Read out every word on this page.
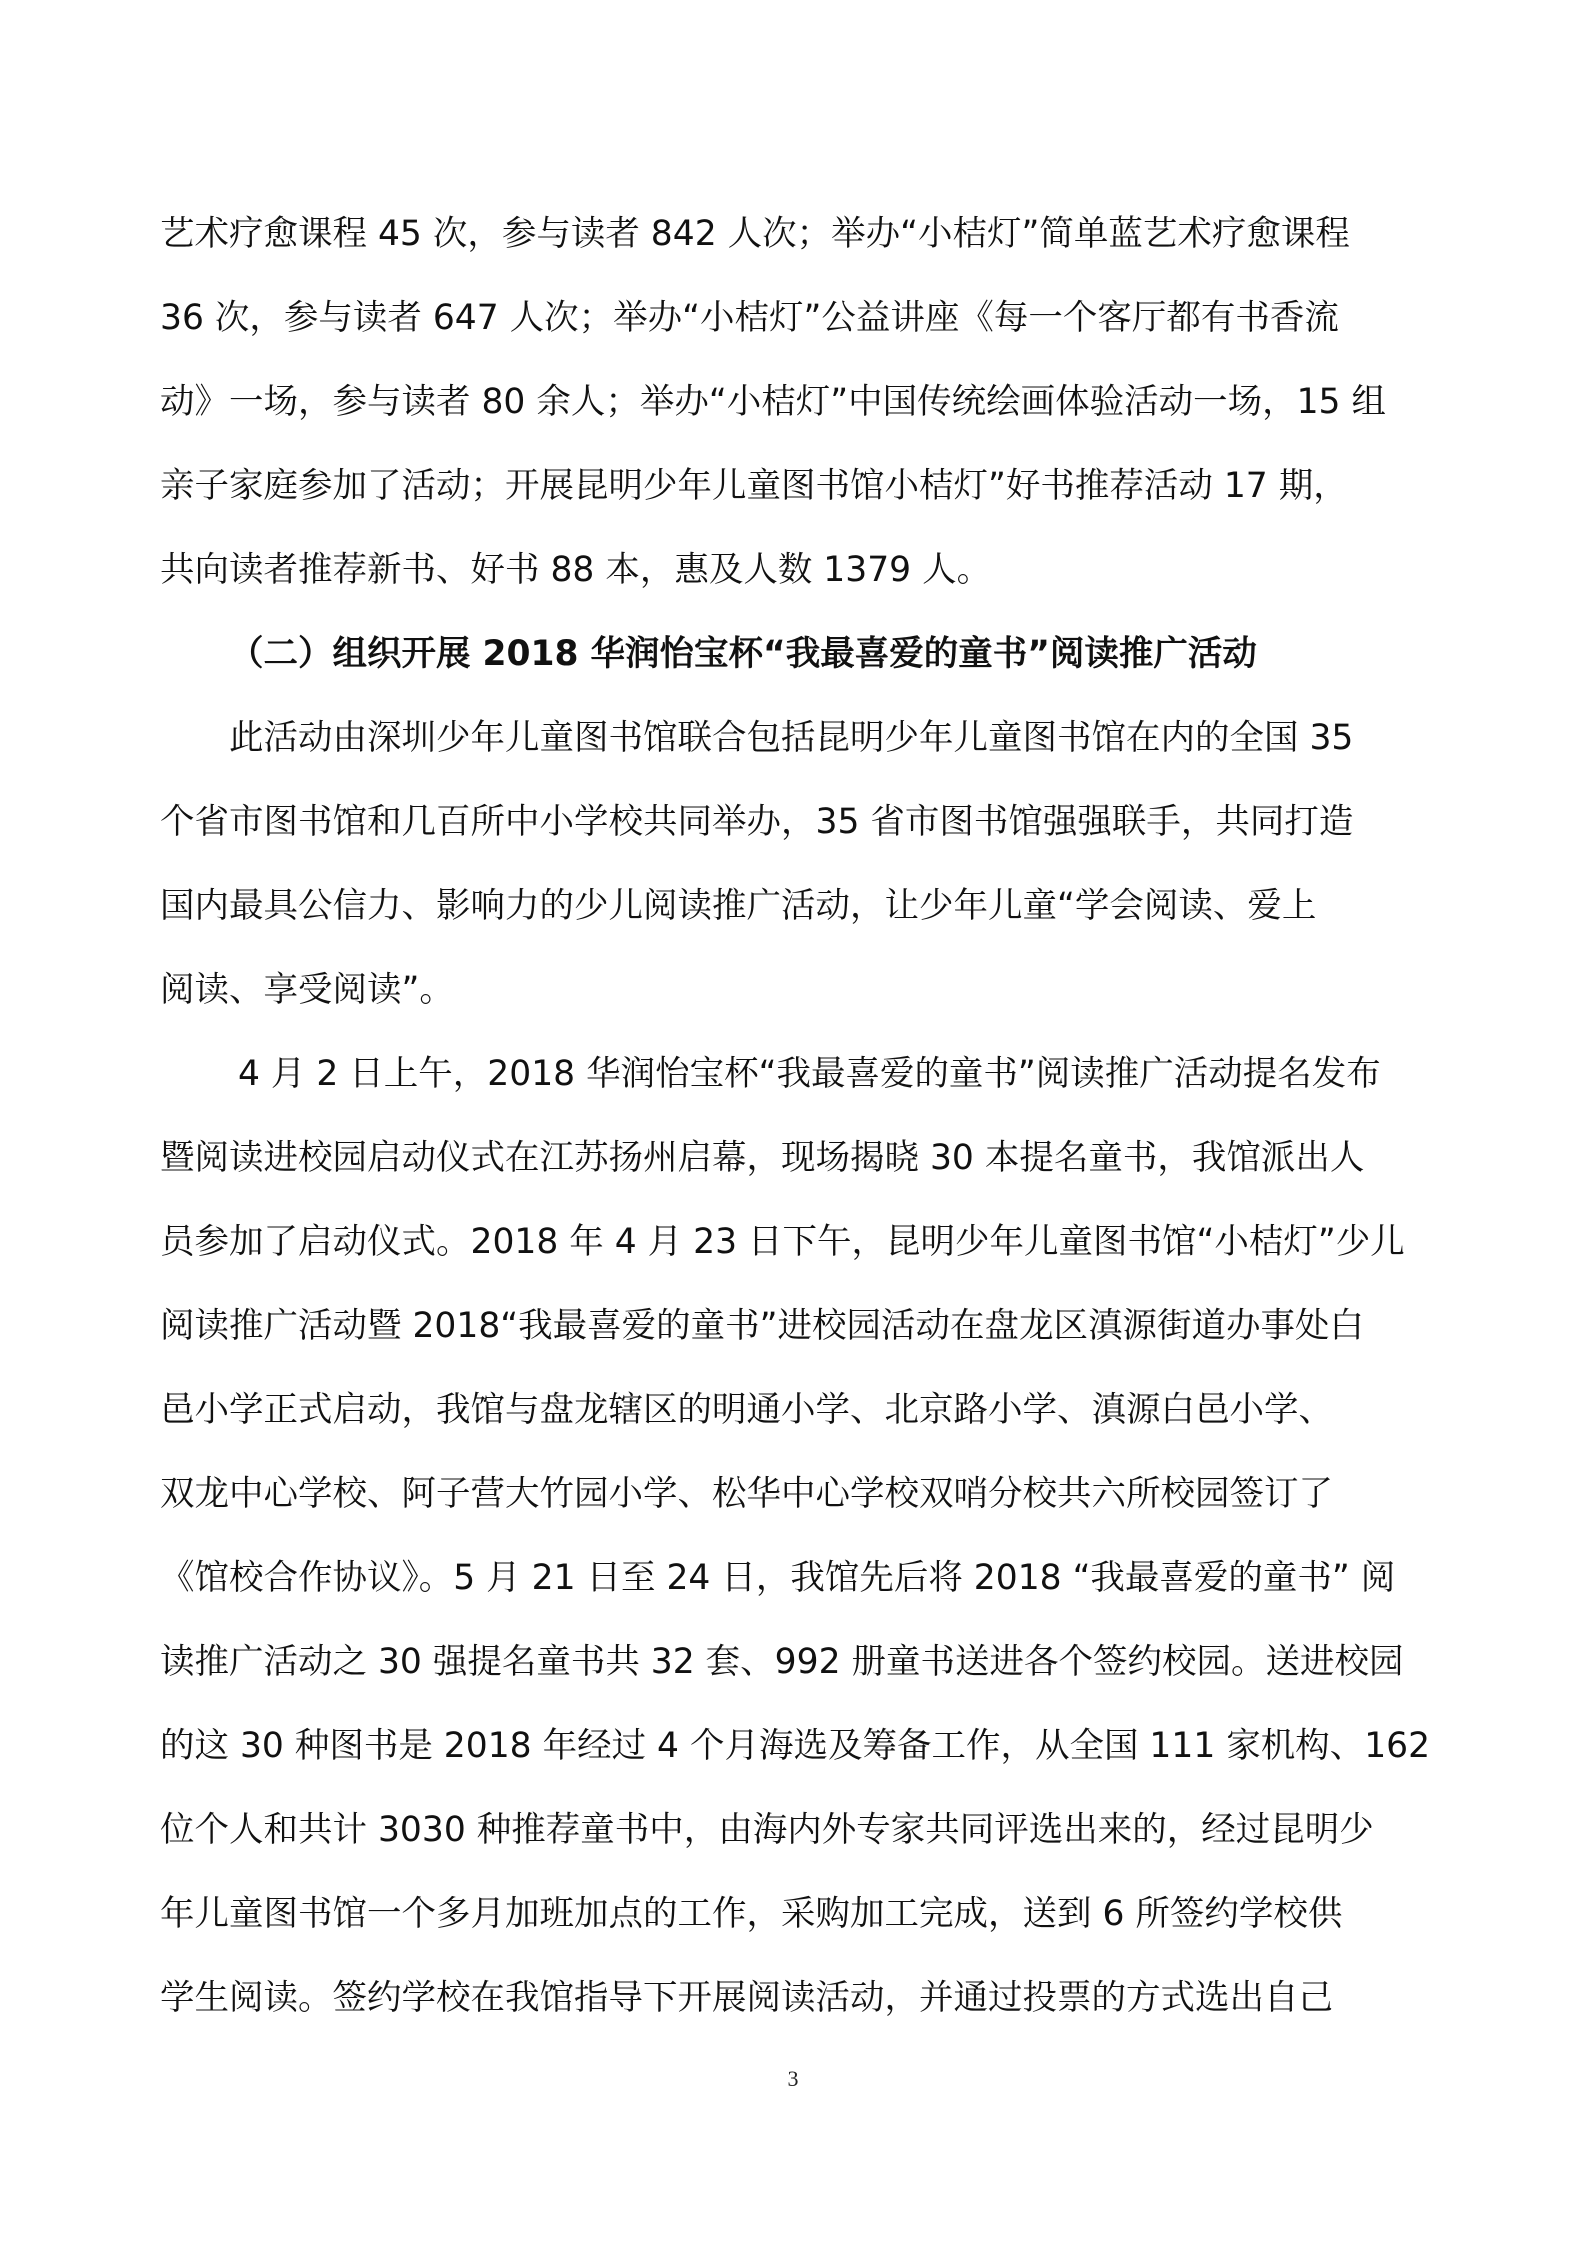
艺术疗愈课程 45 次，参与读者 842 人次；举办“小桔灯”简单蓝艺术疗愈课程
36 次，参与读者 647 人次；举办“小桔灯”公益讲座《每一个客厅都有书香流
动》一场，参与读者 80 余人；举办“小桔灯”中国传统绘画体验活动一场，15 组
亲子家庭参加了活动；开展昆明少年儿童图书馆小桔灯”好书推荐活动 17 期，
共向读者推荐新书、好书 88 本，惠及人数 1379 人。
（二）组织开展 2018 华润怡宝杯“我最喜爱的童书”阅读推广活动
此活动由深圳少年儿童图书馆联合包括昆明少年儿童图书馆在内的全国 35
个省市图书馆和几百所中小学校共同举办，35 省市图书馆强强联手，共同打造
国内最具公信力、影响力的少儿阅读推广活动，让少年儿童“学会阅读、爱上
阅读、享受阅读”。
4 月 2 日上午，2018 华润怡宝杯“我最喜爱的童书”阅读推广活动提名发布
暨阅读进校园启动仪式在江苏扬州启幕，现场揭晓 30 本提名童书，我馆派出人
员参加了启动仪式。2018 年 4 月 23 日下午，昆明少年儿童图书馆“小桔灯”少儿
阅读推广活动暨 2018“我最喜爱的童书”进校园活动在盘龙区滇源街道办事处白
邑小学正式启动，我馆与盘龙辖区的明通小学、北京路小学、滇源白邑小学、
双龙中心学校、阿子营大竹园小学、松华中心学校双哨分校共六所校园签订了
《馆校合作协议》。5 月 21 日至 24 日，我馆先后将 2018 “我最喜爱的童书” 阅
读推广活动之 30 强提名童书共 32 套、992 册童书送进各个签约校园。送进校园
的这 30 种图书是 2018 年经过 4 个月海选及筹备工作，从全国 111 家机构、162
位个人和共计 3030 种推荐童书中，由海内外专家共同评选出来的，经过昆明少
年儿童图书馆一个多月加班加点的工作，采购加工完成，送到 6 所签约学校供
学生阅读。签约学校在我馆指导下开展阅读活动，并通过投票的方式选出自己
3
